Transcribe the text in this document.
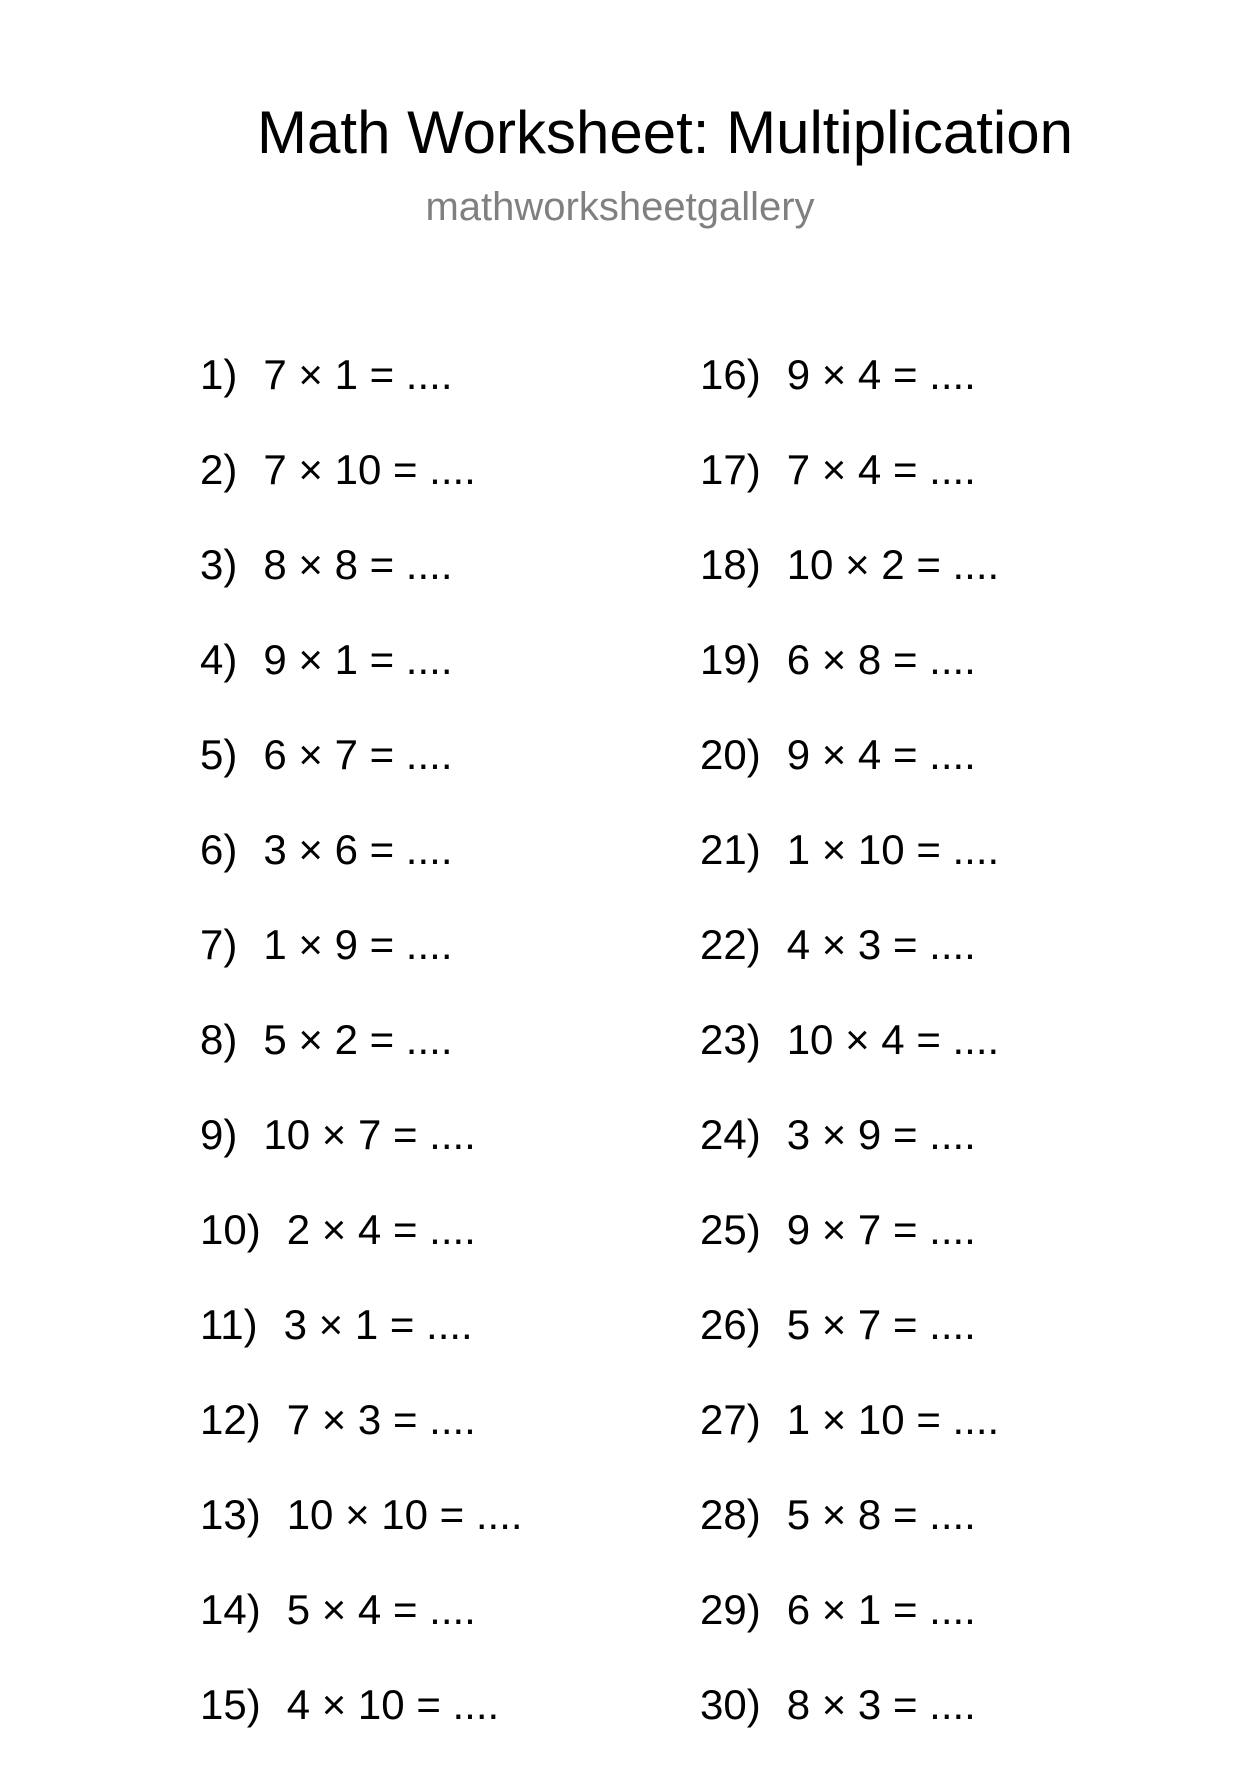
Math Worksheet: Multiplication
mathworksheetgallery
1) 7 × 1 = ....
2) 7 × 10 = ....
3) 8 × 8 = ....
4) 9 × 1 = ....
5) 6 × 7 = ....
6) 3 × 6 = ....
7) 1 × 9 = ....
8) 5 × 2 = ....
9) 10 × 7 = ....
10) 2 × 4 = ....
11) 3 × 1 = ....
12) 7 × 3 = ....
13) 10 × 10 = ....
14) 5 × 4 = ....
15) 4 × 10 = ....
16) 9 × 4 = ....
17) 7 × 4 = ....
18) 10 × 2 = ....
19) 6 × 8 = ....
20) 9 × 4 = ....
21) 1 × 10 = ....
22) 4 × 3 = ....
23) 10 × 4 = ....
24) 3 × 9 = ....
25) 9 × 7 = ....
26) 5 × 7 = ....
27) 1 × 10 = ....
28) 5 × 8 = ....
29) 6 × 1 = ....
30) 8 × 3 = ....
